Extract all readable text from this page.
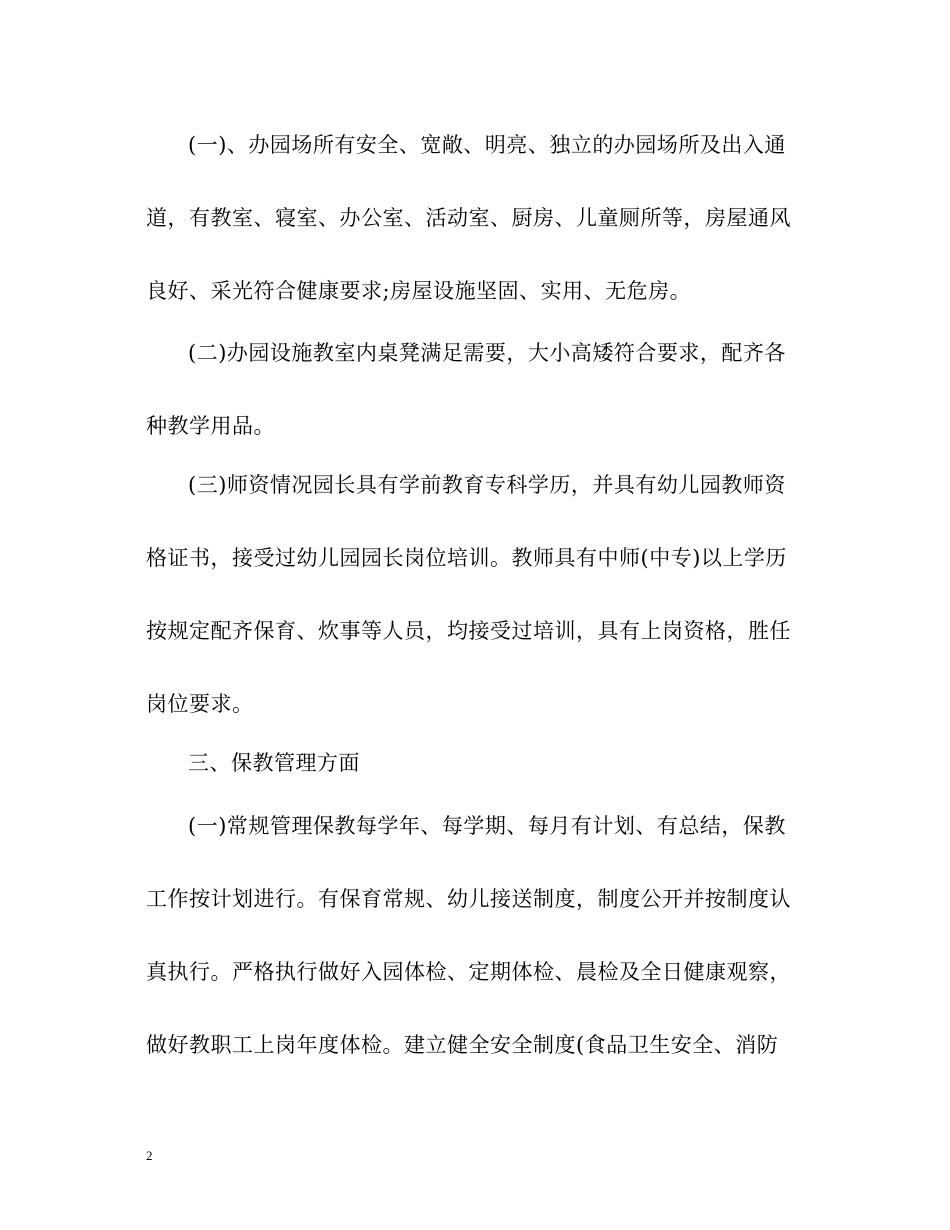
(一)、办园场所有安全、宽敞、明亮、独立的办园场所及出入通
道，有教室、寝室、办公室、活动室、厨房、儿童厕所等，房屋通风
良好、采光符合健康要求;房屋设施坚固、实用、无危房。
(二)办园设施教室内桌凳满足需要，大小高矮符合要求，配齐各
种教学用品。
(三)师资情况园长具有学前教育专科学历，并具有幼儿园教师资
格证书，接受过幼儿园园长岗位培训。教师具有中师(中专)以上学历
按规定配齐保育、炊事等人员，均接受过培训，具有上岗资格，胜任
岗位要求。
三、保教管理方面
(一)常规管理保教每学年、每学期、每月有计划、有总结，保教
工作按计划进行。有保育常规、幼儿接送制度，制度公开并按制度认
真执行。严格执行做好入园体检、定期体检、晨检及全日健康观察，
做好教职工上岗年度体检。建立健全安全制度(食品卫生安全、消防
2
